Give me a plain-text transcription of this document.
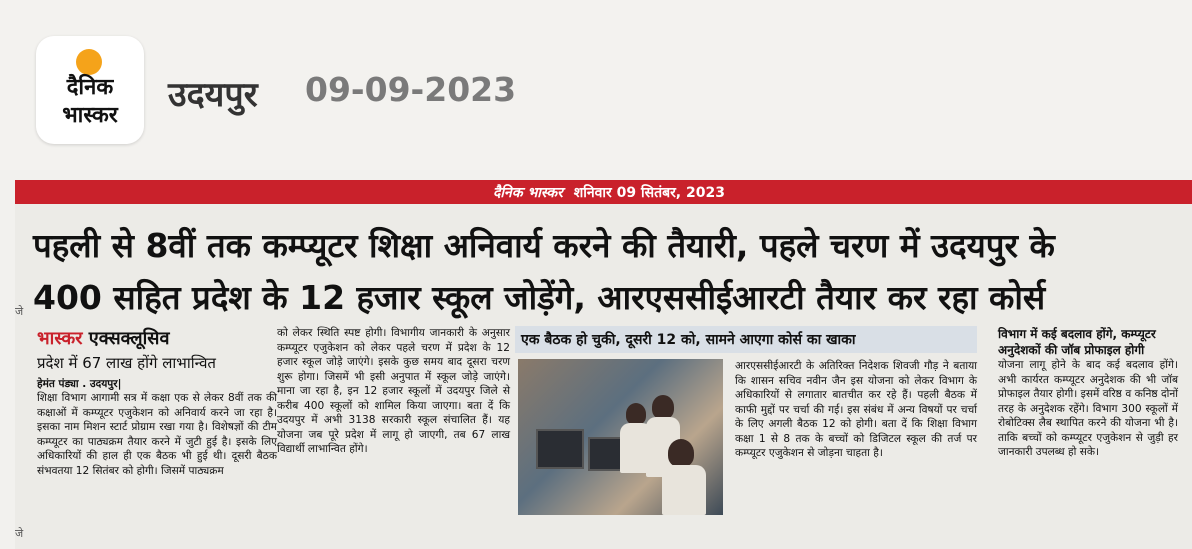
दैनिक
भास्कर
उदयपुर 09-09-2023
जे
जे
दैनिक भास्कर शनिवार 09 सितंबर, 2023
पहली से 8वीं तक कम्प्यूटर शिक्षा अनिवार्य करने की तैयारी, पहले चरण में उदयपुर के
400 सहित प्रदेश के 12 हजार स्कूल जोड़ेंगे, आरएससीईआरटी तैयार कर रहा कोर्स
भास्कर एक्सक्लूसिव
प्रदेश में 67 लाख होंगे लाभान्वित
हेमंत पंड्या . उदयपुर|
शिक्षा विभाग आगामी सत्र में कक्षा एक से लेकर 8वीं तक की कक्षाओं में कम्प्यूटर एजुकेशन को अनिवार्य करने जा रहा है। इसका नाम मिशन स्टार्ट प्रोग्राम रखा गया है। विशेषज्ञों की टीम कम्प्यूटर का पाठ्यक्रम तैयार करने में जुटी हुई है। इसके लिए अधिकारियों की हाल ही एक बैठक भी हुई थी। दूसरी बैठक संभवतया 12 सितंबर को होगी। जिसमें पाठ्यक्रम
को लेकर स्थिति स्पष्ट होगी। विभागीय जानकारी के अनुसार कम्प्यूटर एजुकेशन को लेकर पहले चरण में प्रदेश के 12 हजार स्कूल जोड़े जाएंगे। इसके कुछ समय बाद दूसरा चरण शुरू होगा। जिसमें भी इसी अनुपात में स्कूल जोड़े जाएंगे। माना जा रहा है, इन 12 हजार स्कूलों में उदयपुर जिले से करीब 400 स्कूलों को शामिल किया जाएगा। बता दें कि उदयपुर में अभी 3138 सरकारी स्कूल संचालित हैं। यह योजना जब पूरे प्रदेश में लागू हो जाएगी, तब 67 लाख विद्यार्थी लाभान्वित होंगे।
एक बैठक हो चुकी, दूसरी 12 को, सामने आएगा कोर्स का खाका
आरएससीईआरटी के अतिरिक्त निदेशक शिवजी गौड़ ने बताया कि शासन सचिव नवीन जैन इस योजना को लेकर विभाग के अधिकारियों से लगातार बातचीत कर रहे हैं। पहली बैठक में काफी मुद्दों पर चर्चा की गई। इस संबंध में अन्य विषयों पर चर्चा के लिए अगली बैठक 12 को होगी। बता दें कि शिक्षा विभाग कक्षा 1 से 8 तक के बच्चों को डिजिटल स्कूल की तर्ज पर कम्प्यूटर एजुकेशन से जोड़ना चाहता है।
विभाग में कई बदलाव होंगे, कम्प्यूटर अनुदेशकों की जॉब प्रोफाइल होगी
योजना लागू होने के बाद कई बदलाव होंगे। अभी कार्यरत कम्प्यूटर अनुदेशक की भी जॉब प्रोफाइल तैयार होगी। इसमें वरिष्ठ व कनिष्ठ दोनों तरह के अनुदेशक रहेंगे। विभाग 300 स्कूलों में रोबोटिक्स लैब स्थापित करने की योजना भी है। ताकि बच्चों को कम्प्यूटर एजुकेशन से जुड़ी हर जानकारी उपलब्ध हो सके।
